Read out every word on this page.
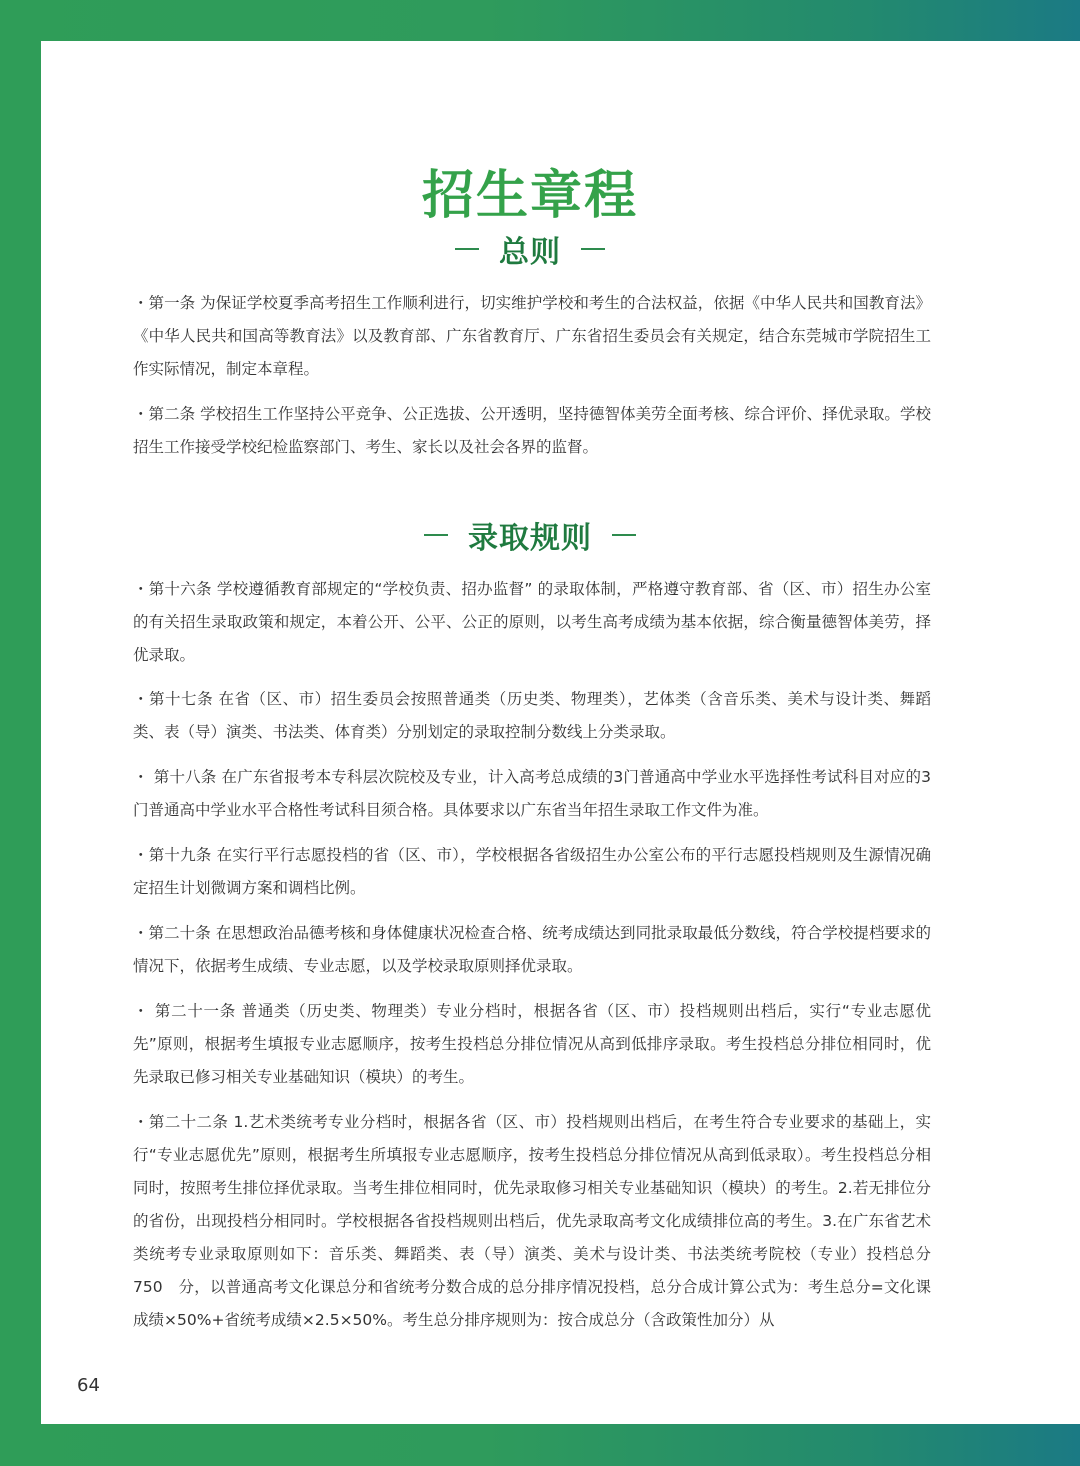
招生章程
总则

・第一条 为保证学校夏季高考招生工作顺利进行，切实维护学校和考生的合法权益，依据《中华人民共和国教育法》《中华人民共和国高等教育法》以及教育部、广东省教育厅、广东省招生委员会有关规定，结合东莞城市学院招生工作实际情况，制定本章程。

・第二条 学校招生工作坚持公平竞争、公正选拔、公开透明，坚持德智体美劳全面考核、综合评价、择优录取。学校招生工作接受学校纪检监察部门、考生、家长以及社会各界的监督。

录取规则

・第十六条 学校遵循教育部规定的“学校负责、招办监督” 的录取体制，严格遵守教育部、省（区、市）招生办公室的有关招生录取政策和规定，本着公开、公平、公正的原则，以考生高考成绩为基本依据，综合衡量德智体美劳，择优录取。

・第十七条 在省（区、市）招生委员会按照普通类（历史类、物理类），艺体类（含音乐类、美术与设计类、舞蹈类、表（导）演类、书法类、体育类）分别划定的录取控制分数线上分类录取。

・ 第十八条 在广东省报考本专科层次院校及专业，计入高考总成绩的3门普通高中学业水平选择性考试科目对应的3门普通高中学业水平合格性考试科目须合格。具体要求以广东省当年招生录取工作文件为准。

・第十九条 在实行平行志愿投档的省（区、市），学校根据各省级招生办公室公布的平行志愿投档规则及生源情况确定招生计划微调方案和调档比例。

・第二十条 在思想政治品德考核和身体健康状况检查合格、统考成绩达到同批录取最低分数线，符合学校提档要求的情况下，依据考生成绩、专业志愿，以及学校录取原则择优录取。

・ 第二十一条 普通类（历史类、物理类）专业分档时，根据各省（区、市）投档规则出档后，实行“专业志愿优先”原则，根据考生填报专业志愿顺序，按考生投档总分排位情况从高到低排序录取。考生投档总分排位相同时，优先录取已修习相关专业基础知识（模块）的考生。

・第二十二条 1.艺术类统考专业分档时，根据各省（区、市）投档规则出档后，在考生符合专业要求的基础上，实行“专业志愿优先”原则，根据考生所填报专业志愿顺序，按考生投档总分排位情况从高到低录取）。考生投档总分相同时，按照考生排位择优录取。当考生排位相同时，优先录取修习相关专业基础知识（模块）的考生。2.若无排位分的省份，出现投档分相同时。学校根据各省投档规则出档后，优先录取高考文化成绩排位高的考生。3.在广东省艺术类统考专业录取原则如下：音乐类、舞蹈类、表（导）演类、美术与设计类、书法类统考院校（专业）投档总分　750　分，以普通高考文化课总分和省统考分数合成的总分排序情况投档，总分合成计算公式为：考生总分=文化课成绩×50%+省统考成绩×2.5×50%。考生总分排序规则为：按合成总分（含政策性加分）从

64
